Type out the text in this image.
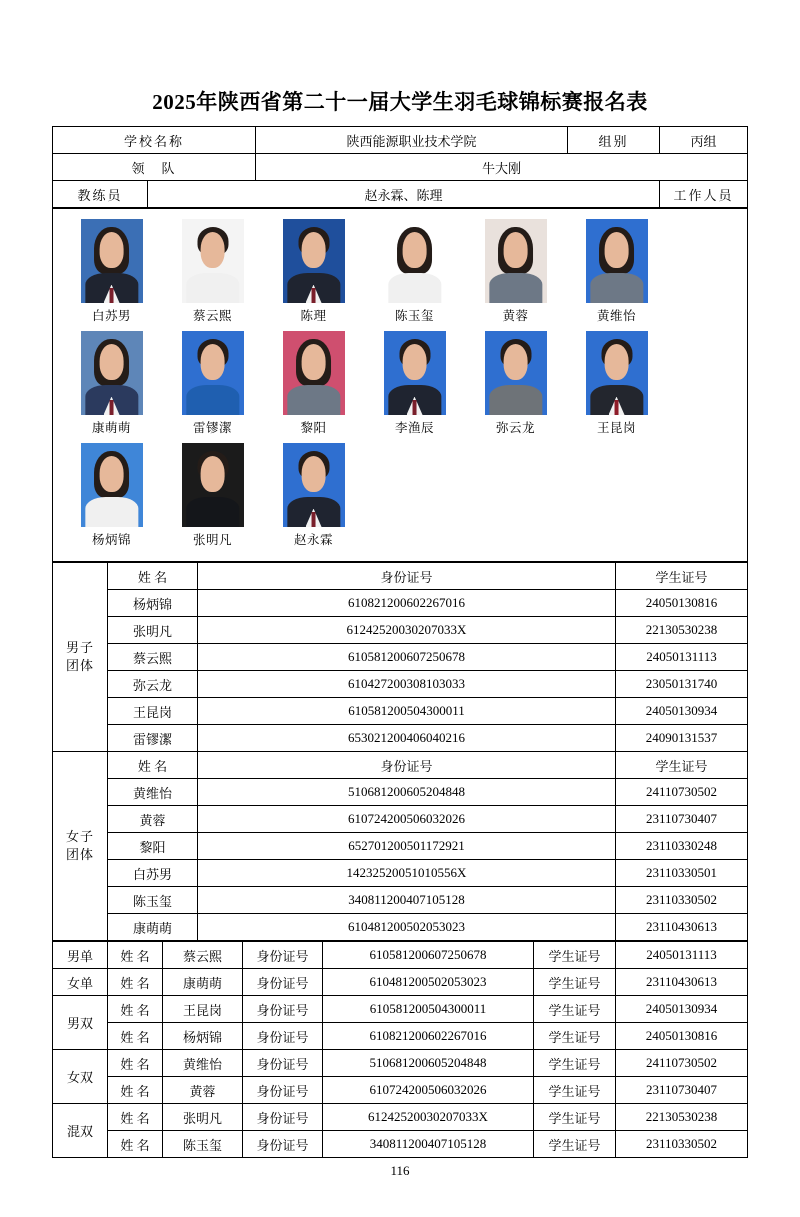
2025年陕西省第二十一届大学生羽毛球锦标赛报名表
学校名称		陕西能源职业技术学院	组别	丙组
领　队		牛大刚		
教练员	赵永霖、陈理			工作人员
白苏男	蔡云熙	陈理	陈玉玺	黄蓉	黄维怡
康萌萌	雷镠潔	黎阳	李渔辰	弥云龙	王昆岗
杨炳锦	张明凡	赵永霖
男子
团体	姓 名	身份证号	学生证号
	杨炳锦	610821200602267016	24050130816
	张明凡	61242520030207033X	22130530238
	蔡云熙	610581200607250678	24050131113
	弥云龙	610427200308103033	23050131740
	王昆岗	610581200504300011	24050130934
	雷镠潔	653021200406040216	24090131537
女子
团体	姓 名	身份证号	学生证号
	黄维怡	510681200605204848	24110730502
	黄蓉	610724200506032026	23110730407
	黎阳	652701200501172921	23110330248
	白苏男	14232520051010556X	23110330501
	陈玉玺	340811200407105128	23110330502
	康萌萌	610481200502053023	23110430613
男单	姓 名	蔡云熙	身份证号	610581200607250678	学生证号	24050131113
女单	姓 名	康萌萌	身份证号	610481200502053023	学生证号	23110430613
男双	姓 名	王昆岗	身份证号	610581200504300011	学生证号	24050130934
	姓 名	杨炳锦	身份证号	610821200602267016	学生证号	24050130816
女双	姓 名	黄维怡	身份证号	510681200605204848	学生证号	24110730502
	姓 名	黄蓉	身份证号	610724200506032026	学生证号	23110730407
混双	姓 名	张明凡	身份证号	61242520030207033X	学生证号	22130530238
	姓 名	陈玉玺	身份证号	340811200407105128	学生证号	23110330502
116
